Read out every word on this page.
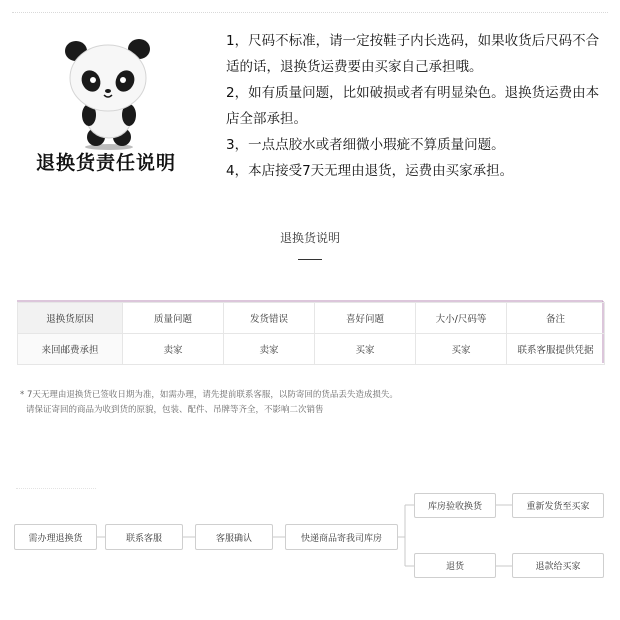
退换货责任说明

1，尺码不标准，请一定按鞋子内长选码，如果收货后尺码不合适的话，退换货运费要由买家自己承担哦。

2，如有质量问题，比如破损或者有明显染色。退换货运费由本店全部承担。

3，一点点胶水或者细微小瑕疵不算质量问题。

4，本店接受7天无理由退货，运费由买家承担。

退换货说明
退换货原因	质量问题	发货错误	喜好问题	大小/尺码等	备注
来回邮费承担	卖家	卖家	买家	买家	联系客服提供凭据
* 7天无理由退换货已签收日期为准，如需办理，请先提前联系客服，以防寄回的货品丢失造成损失。
请保证寄回的商品为收到货的原貌，包装、配件、吊牌等齐全，不影响二次销售
需办理退换货	联系客服	客服确认	快递商品寄我司库房
库房验收换货	重新发货至买家
退货	退款给买家
